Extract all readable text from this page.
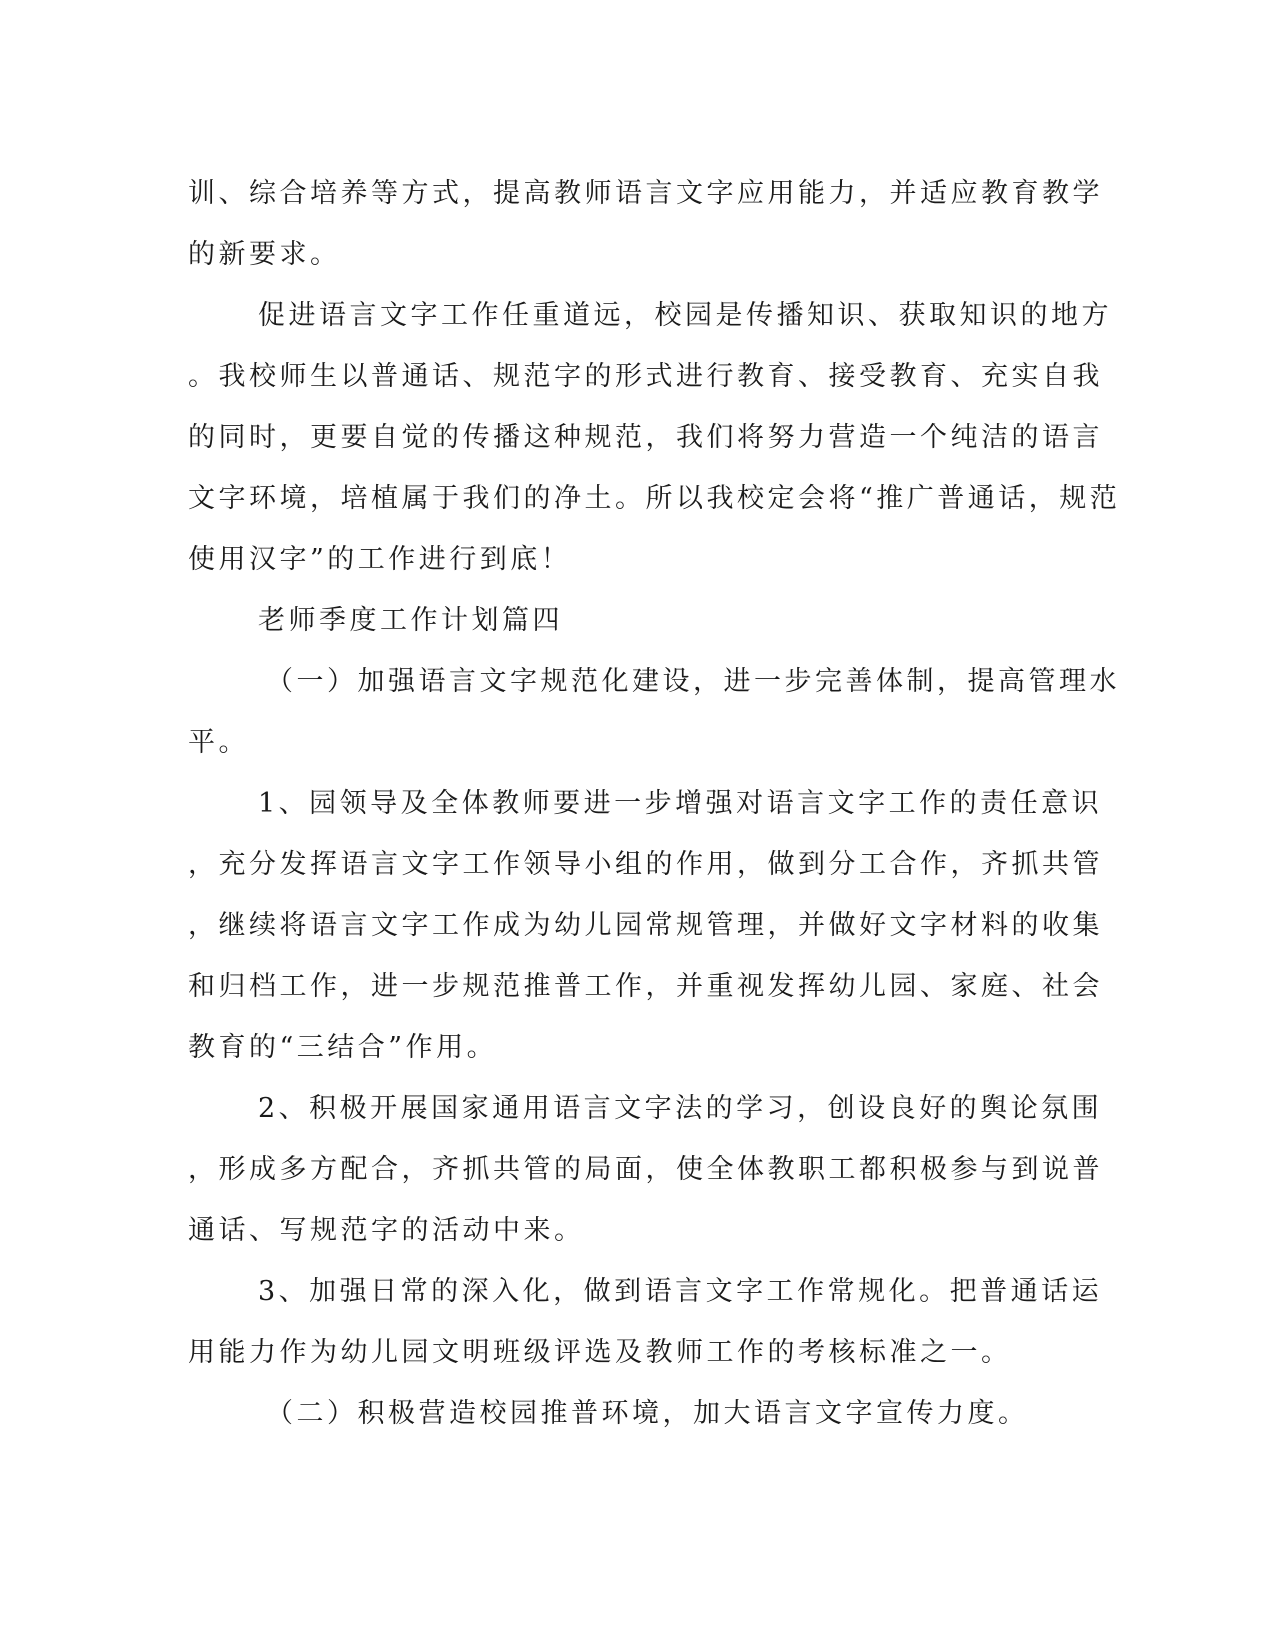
训、综合培养等方式，提高教师语言文字应用能力，并适应教育教学
的新要求。

促进语言文字工作任重道远，校园是传播知识、获取知识的地方
。我校师生以普通话、规范字的形式进行教育、接受教育、充实自我
的同时，更要自觉的传播这种规范，我们将努力营造一个纯洁的语言
文字环境，培植属于我们的净土。所以我校定会将“推广普通话，规范
使用汉字”的工作进行到底！

老师季度工作计划篇四

（一）加强语言文字规范化建设，进一步完善体制，提高管理水
平。

1、园领导及全体教师要进一步增强对语言文字工作的责任意识
，充分发挥语言文字工作领导小组的作用，做到分工合作，齐抓共管
，继续将语言文字工作成为幼儿园常规管理，并做好文字材料的收集
和归档工作，进一步规范推普工作，并重视发挥幼儿园、家庭、社会
教育的“三结合”作用。

2、积极开展国家通用语言文字法的学习，创设良好的舆论氛围
，形成多方配合，齐抓共管的局面，使全体教职工都积极参与到说普
通话、写规范字的活动中来。

3、加强日常的深入化，做到语言文字工作常规化。把普通话运
用能力作为幼儿园文明班级评选及教师工作的考核标准之一。

（二）积极营造校园推普环境，加大语言文字宣传力度。
